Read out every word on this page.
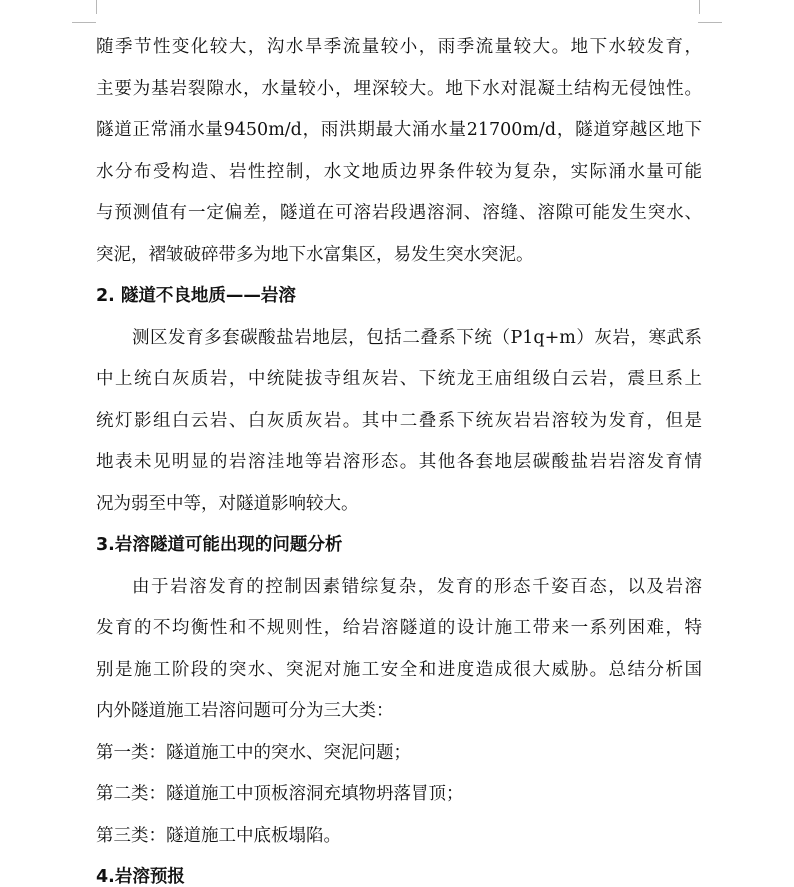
随季节性变化较大，沟水旱季流量较小，雨季流量较大。地下水较发育，
主要为基岩裂隙水，水量较小，埋深较大。地下水对混凝土结构无侵蚀性。
隧道正常涌水量9450m/d，雨洪期最大涌水量21700m/d，隧道穿越区地下
水分布受构造、岩性控制，水文地质边界条件较为复杂，实际涌水量可能
与预测值有一定偏差，隧道在可溶岩段遇溶洞、溶缝、溶隙可能发生突水、
突泥，褶皱破碎带多为地下水富集区，易发生突水突泥。
2. 隧道不良地质——岩溶
测区发育多套碳酸盐岩地层，包括二叠系下统（P1q+m）灰岩，寒武系
中上统白灰质岩，中统陡拔寺组灰岩、下统龙王庙组级白云岩，震旦系上
统灯影组白云岩、白灰质灰岩。其中二叠系下统灰岩岩溶较为发育，但是
地表未见明显的岩溶洼地等岩溶形态。其他各套地层碳酸盐岩岩溶发育情
况为弱至中等，对隧道影响较大。
3.岩溶隧道可能出现的问题分析
由于岩溶发育的控制因素错综复杂，发育的形态千姿百态，以及岩溶
发育的不均衡性和不规则性，给岩溶隧道的设计施工带来一系列困难，特
别是施工阶段的突水、突泥对施工安全和进度造成很大威胁。总结分析国
内外隧道施工岩溶问题可分为三大类：
第一类：隧道施工中的突水、突泥问题；
第二类：隧道施工中顶板溶洞充填物坍落冒顶；
第三类：隧道施工中底板塌陷。
4.岩溶预报
